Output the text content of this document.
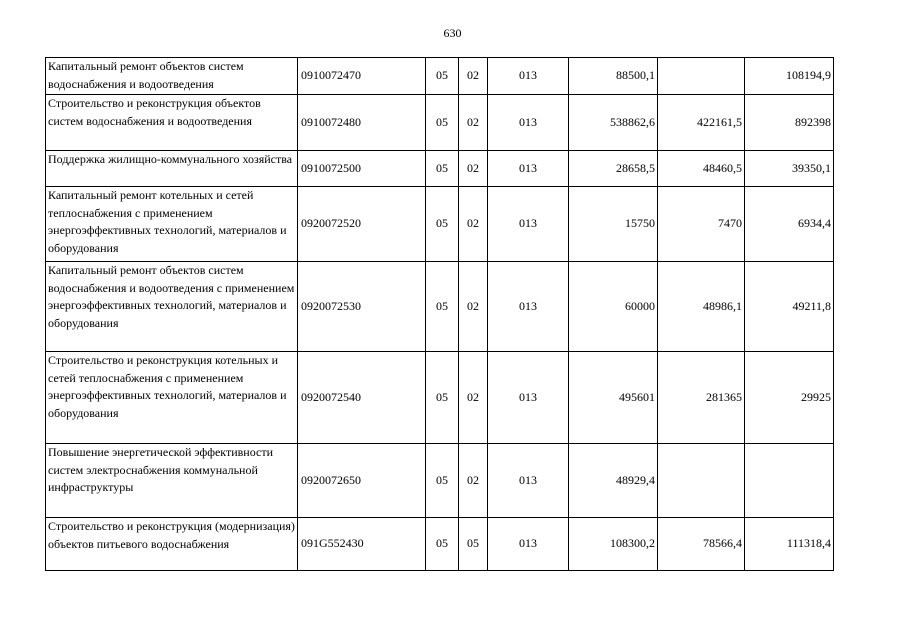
630
Капитальный ремонт объектов систем водоснабжения и водоотведения	0910072470	05	02	013	88500,1		108194,9
Строительство и реконструкция объектов систем водоснабжения и водоотведения	0910072480	05	02	013	538862,6	422161,5	892398
Поддержка жилищно-коммунального хозяйства	0910072500	05	02	013	28658,5	48460,5	39350,1
Капитальный ремонт котельных и сетей теплоснабжения с применением энергоэффективных технологий, материалов и оборудования	0920072520	05	02	013	15750	7470	6934,4
Капитальный ремонт объектов систем водоснабжения и водоотведения с применением энергоэффективных технологий, материалов и оборудования	0920072530	05	02	013	60000	48986,1	49211,8
Строительство и реконструкция котельных и сетей теплоснабжения с применением энергоэффективных технологий, материалов и оборудования	0920072540	05	02	013	495601	281365	29925
Повышение энергетической эффективности систем электроснабжения коммунальной инфраструктуры	0920072650	05	02	013	48929,4		
Строительство и реконструкция (модернизация) объектов питьевого водоснабжения	091G552430	05	05	013	108300,2	78566,4	111318,4
